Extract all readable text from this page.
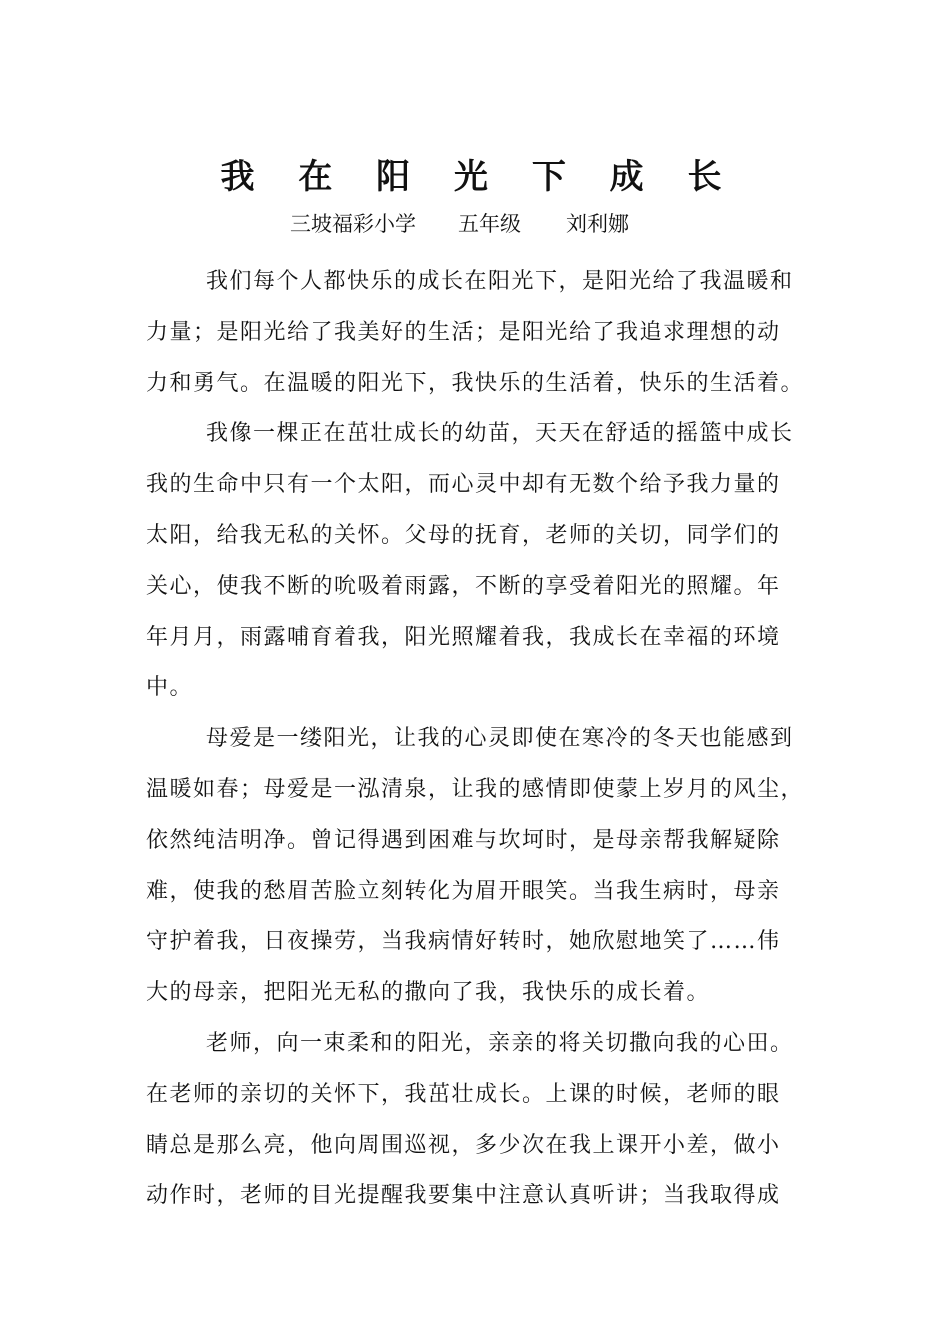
我 在 阳 光 下 成 长
三坡福彩小学 五年级 刘利娜
我们每个人都快乐的成长在阳光下，是阳光给了我温暖和
力量；是阳光给了我美好的生活；是阳光给了我追求理想的动
力和勇气。在温暖的阳光下，我快乐的生活着，快乐的生活着。
我像一棵正在茁壮成长的幼苗，天天在舒适的摇篮中成长
我的生命中只有一个太阳，而心灵中却有无数个给予我力量的
太阳，给我无私的关怀。父母的抚育，老师的关切，同学们的
关心，使我不断的吮吸着雨露，不断的享受着阳光的照耀。年
年月月，雨露哺育着我，阳光照耀着我，我成长在幸福的环境
中。
母爱是一缕阳光，让我的心灵即使在寒冷的冬天也能感到
温暖如春；母爱是一泓清泉，让我的感情即使蒙上岁月的风尘，
依然纯洁明净。曾记得遇到困难与坎坷时，是母亲帮我解疑除
难，使我的愁眉苦脸立刻转化为眉开眼笑。当我生病时，母亲
守护着我，日夜操劳，当我病情好转时，她欣慰地笑了……伟
大的母亲，把阳光无私的撒向了我，我快乐的成长着。
老师，向一束柔和的阳光，亲亲的将关切撒向我的心田。
在老师的亲切的关怀下，我茁壮成长。上课的时候，老师的眼
睛总是那么亮，他向周围巡视，多少次在我上课开小差，做小
动作时，老师的目光提醒我要集中注意认真听讲；当我取得成
